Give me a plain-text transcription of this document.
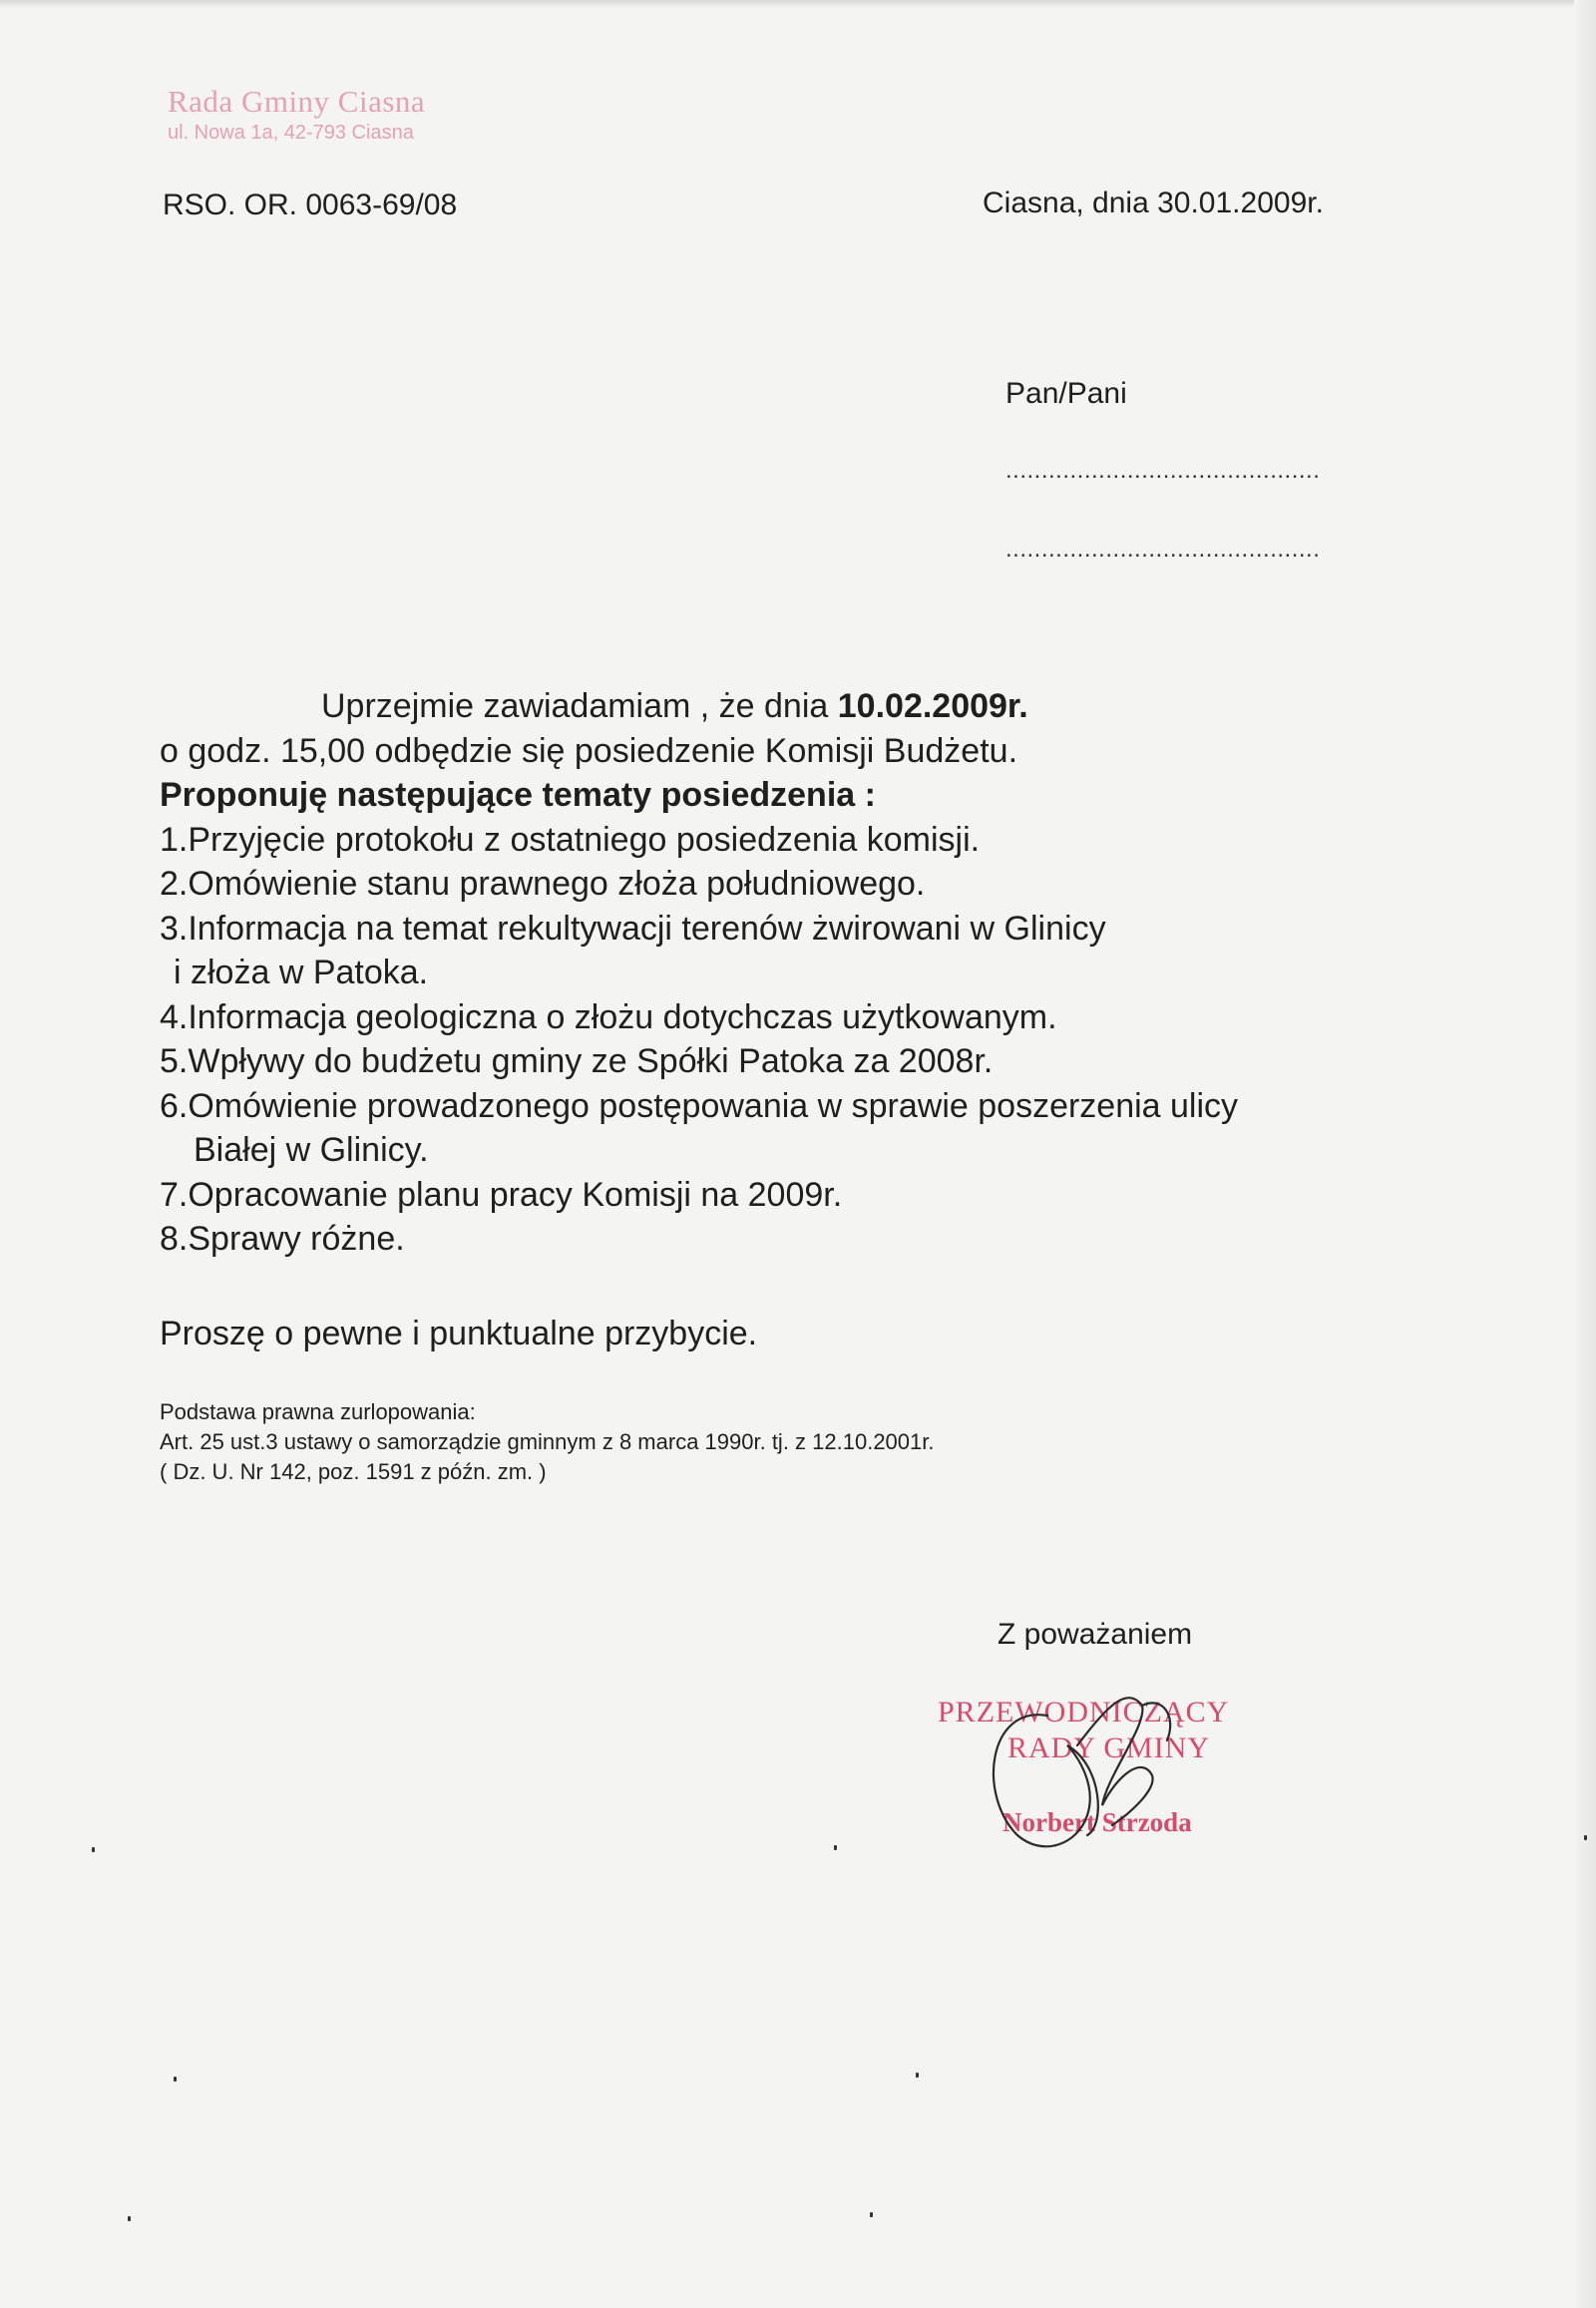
Rada Gminy Ciasna
ul. Nowa 1a, 42-793 Ciasna
RSO. OR. 0063-69/08	Ciasna, dnia 30.01.2009r.
Pan/Pani
............................................
............................................

Uprzejmie zawiadamiam , że dnia 10.02.2009r.

o godz. 15,00 odbędzie się posiedzenie Komisji Budżetu.

Proponuję następujące tematy posiedzenia :

1.Przyjęcie protokołu z ostatniego posiedzenia komisji.

2.Omówienie stanu prawnego złoża południowego.

3.Informacja na temat rekultywacji terenów żwirowani w Glinicy

i złoża w Patoka.

4.Informacja geologiczna o złożu dotychczas użytkowanym.

5.Wpływy do budżetu gminy ze Spółki Patoka za 2008r.

6.Omówienie prowadzonego postępowania w sprawie poszerzenia ulicy

Białej w Glinicy.

7.Opracowanie planu pracy Komisji na 2009r.

8.Sprawy różne.

Proszę o pewne i punktualne przybycie.

Podstawa prawna zurlopowania:

Art. 25 ust.3 ustawy o samorządzie gminnym z 8 marca 1990r. tj. z 12.10.2001r.

( Dz. U. Nr 142, poz. 1591 z późn. zm. )

Z poważaniem
PRZEWODNICZĄCY
RADY GMINY
Norbert Strzoda
